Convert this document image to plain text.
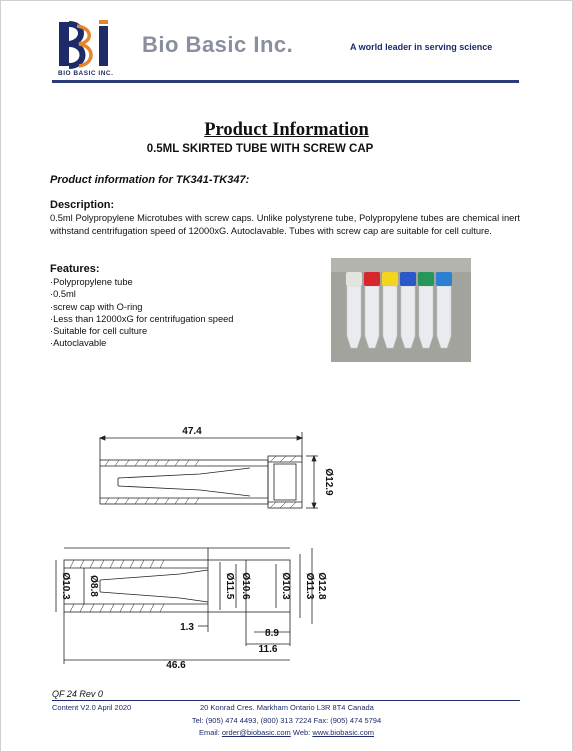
BIO BASIC INC.
Bio Basic Inc.	A world leader in serving science
Product Information
0.5ML SKIRTED TUBE WITH SCREW CAP
Product information for TK341-TK347:
Description:
0.5ml Polypropylene Microtubes with screw caps. Unlike polystyrene tube, Polypropylene tubes are chemical inert withstand centrifugation speed of 12000xG. Autoclavable. Tubes with screw cap are suitable for cell culture.
Features:
·Polypropylene tube
·0.5ml
·screw cap with O-ring
·Less than 12000xG for centrifugation speed
·Suitable for cell culture
·Autoclavable
47.4
Ø12.9
Ø10.3 Ø8.8	Ø11.5 Ø10.6	Ø10.3 Ø11.3 Ø12.8
1.3
8.9
11.6
46.6
QF 24 Rev 0
Content V2.0 April 2020	20 Konrad Cres. Markham Ontario L3R 8T4 Canada
Tel: (905) 474 4493, (800) 313 7224 Fax: (905) 474 5794
Email: order@biobasic.com Web: www.biobasic.com
